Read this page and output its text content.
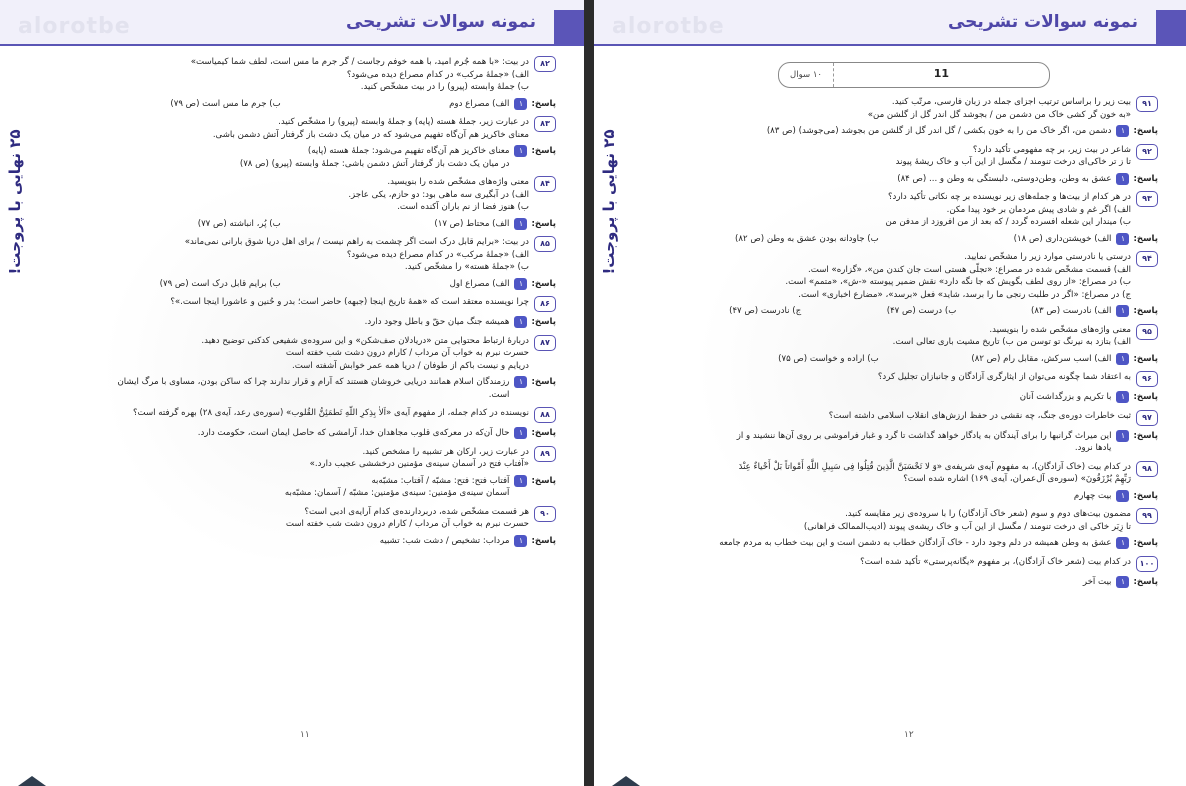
alorotbe	نمونه سوالات تشریحی
۲۵ نهایی با پروجت!
۸۲
در بیت: «با همه جُرم امید، با همه خوفم رجاست / گر جرم ما مس است، لطف شما کیمیاست»
الف) «جملهٔ مرکب» در کدام مصراع دیده می‌شود؟
ب) جملهٔ وابسته (پیرو) را در بیت مشخّص کنید.
پاسخ:
۱
الف) مصراع دوم
ب) جرم ما مس است (ص ۷۹)
۸۳
در عبارت زیر، جملهٔ هسته (پایه) و جملهٔ وابسته (پیرو) را مشخّص کنید.
معنای خاکریز هم آن‌گاه تفهیم می‌شود که در میان یک دشت باز گرفتار آتش دشمن باشی.
پاسخ:
۱
معنای خاکریز هم آن‌گاه تفهیم می‌شود: جملهٔ هسته (پایه)
در میان یک دشت باز گرفتار آتش دشمن باشی: جملهٔ وابسته (پیرو) (ص ۷۸)
۸۴
معنی واژه‌های مشخّص شده را بنویسید.
الف) در آبگیری سه ماهی بود: دو حازم، یکی عاجز.
ب) هنوز فضا از نم باران آکنده است.
پاسخ:
۱
الف) محتاط (ص ۱۷)
ب) پُر، انباشته (ص ۷۷)
۸۵
در بیت: «برایم قابل درک است اگر چشمت به راهم نیست / برای اهل دریا شوق بارانی نمی‌ماند»
الف) «جملهٔ مرکب» در کدام مصراع دیده می‌شود؟
ب) «جملهٔ هسته» را مشخّص کنید.
پاسخ:
۱
الف) مصراع اول
ب) برایم قابل درک است (ص ۷۹)
۸۶
چرا نویسنده معتقد است که «همهٔ تاریخ اینجا (جبهه) حاضر است؛ بدر و حُنین و عاشورا اینجا است.»؟
پاسخ:
۱
همیشه جنگ میان حقّ و باطل وجود دارد.
۸۷
دربارهٔ ارتباط محتوایی متن «دریادلان صف‌شکن» و این سروده‌ی شفیعی کدکنی توضیح دهید.
حسرت نبرم به خواب آن مرداب / کارام درون دشت شب خفته است
دریایم و نیست باکم از طوفان / دریا همه عمر خوابش آشفته است.
پاسخ:
۱
رزمندگان اسلام همانند دریایی خروشان هستند که آرام و قرار ندارند چرا که ساکن بودن، مساوی با مرگ ایشان
است.
۸۸
نویسنده در کدام جمله، از مفهوم آیه‌ی «اَلاٰ بِذِکرِ اللّهِ تَطمَئِنُّ القُلوب» (سوره‌ی رعد، آیه‌ی ۲۸) بهره گرفته است؟
پاسخ:
۱
حال آن‌که در معرکه‌ی قلوب مجاهدان خدا، آرامشی که حاصل ایمان است، حکومت دارد.
۸۹
در عبارت زیر، ارکان هر تشبیه را مشخص کنید.
«آفتاب فتح در آسمان سینه‌ی مؤمنین درخششی عجیب دارد.»
پاسخ:
۱
آفتاب فتح: فتح: مشبّه / آفتاب: مشبّه‌به
آسمان سینه‌ی مؤمنین: سینه‌ی مؤمنین: مشبّه / آسمان: مشبّه‌به
۹۰
هر قسمت مشخّص شده، دربردارنده‌ی کدام آرایه‌ی ادبی است؟
حسرت نبرم به خواب آن مرداب / کارام درون دشت شب خفته است
پاسخ:
۱
مرداب: تشخیص / دشت شب: تشبیه
۱۱
alorotbe	نمونه سوالات تشریحی
۲۵ نهایی با پروجت!
11
۱۰ سوال
۹۱
بیت زیر را براساس ترتیب اجزای جمله در زبان فارسی، مرتّب کنید.
«به خون گر کشی خاک من دشمن من / بجوشد گل اندر گل از گلشن من»
پاسخ:
۱
دشمن من، اگر خاک من را به خون بکشی / گل اندر گل از گلشن من بجوشد (می‌جوشد) (ص ۸۳)
۹۲
شاعر در بیت زیر، بر چه مفهومی تأکید دارد؟
تا ز تر خاکی‌ای درخت تنومند / مگسل از این آب و خاک ریشهٔ پیوند
پاسخ:
۱
عشق به وطن، وطن‌دوستی، دلبستگی به وطن و ... (ص ۸۴)
۹۳
در هر کدام از بیت‌ها و جمله‌های زیر نویسنده بر چه نکاتی تأکید دارد؟
الف) اگر غم و شادی پیش مردمان بر خود پیدا مکن.
ب) میندار این شعله افسرده گردد / که بعد از من افروزد از مدفن من
پاسخ:
۱
الف) خویشتن‌داری (ص ۱۸)
ب) جاودانه بودن عشق به وطن (ص ۸۲)
۹۴
درستی یا نادرستی موارد زیر را مشخّص نمایید.
الف) قسمت مشخّص شده در مصراع: «تجلّی هستی است جان کندن من»، «گزاره» است.
ب) در مصراع: «از روی لطف بگویش که جا نگه دارد» نقش ضمیر پیوسته «-ش»، «متمم» است.
ج) در مصراع: «اگر در طلبت رنجی ما را برسد، شاید» فعل «برسد»، «مضارع اخباری» است.
پاسخ:
۱
الف) نادرست (ص ۸۳)
ب) درست (ص ۴۷)
ج) نادرست (ص ۴۷)
۹۵
معنی واژه‌های مشخّص شده را بنویسید.
الف) بتازد به نیرنگ تو توسن من ب) تاریخ مشیت باری تعالی است.
پاسخ:
۱
الف) اسب سرکش، مقابل رام (ص ۸۲)
ب) اراده و خواست (ص ۷۵)
۹۶
به اعتقاد شما چگونه می‌توان از ایثارگری آزادگان و جانبازان تجلیل کرد؟
پاسخ:
۱
با تکریم و بزرگداشت آنان
۹۷
ثبت خاطرات دوره‌ی جنگ، چه نقشی در حفظ ارزش‌های انقلاب اسلامی داشته است؟
پاسخ:
۱
این میراث گرانبها را برای آیندگان به یادگار خواهد گذاشت تا گرد و غبار فراموشی بر روی آن‌ها ننشیند و از
یادها نرود.
۹۸
در کدام بیت (خاک آزادگان)، به مفهوم آیه‌ی شریفه‌ی «وَ لا تَحْسَبَنَّ الَّذِینَ قُتِلُوا فِی سَبِیلِ اللَّهِ أَمْواتاً بَلْ أَحْیاءٌ عِنْدَ
رَبِّهِمْ یُرْزَقُونَ» (سوره‌ی آل‌عمران، آیه‌ی ۱۶۹) اشاره شده است؟
پاسخ:
۱
بیت چهارم
۹۹
مضمون بیت‌های دوم و سوم (شعر خاک آزادگان) را با سروده‌ی زیر مقایسه کنید.
تا زِبَر خاکی ای درخت تنومند / مگسل از این آب و خاک ریشه‌ی پیوند (ادیب‌الممالک فراهانی)
پاسخ:
۱
عشق به وطن همیشه در دلم وجود دارد - خاک آزادگان خطاب به دشمن است و این بیت خطاب به مردم جامعه
۱۰۰
در کدام بیت (شعر خاک آزادگان)، بر مفهوم «یگانه‌پرستی» تأکید شده است؟
پاسخ:
۱
بیت آخر
۱۲
